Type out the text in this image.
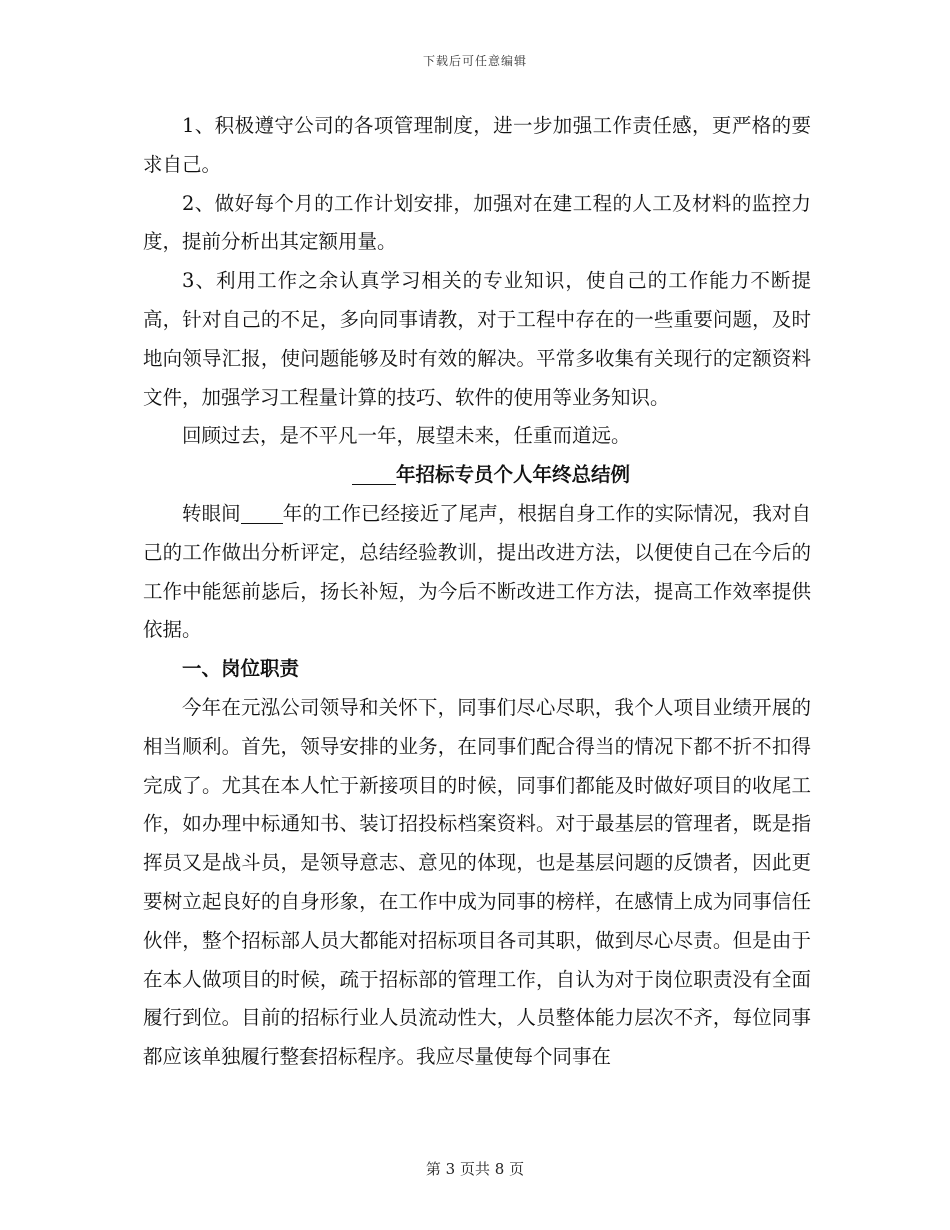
下载后可任意编辑

1、积极遵守公司的各项管理制度，进一步加强工作责任感，更严格的要求自己。

2、做好每个月的工作计划安排，加强对在建工程的人工及材料的监控力度，提前分析出其定额用量。

3、利用工作之余认真学习相关的专业知识，使自己的工作能力不断提高，针对自己的不足，多向同事请教，对于工程中存在的一些重要问题，及时地向领导汇报，使问题能够及时有效的解决。平常多收集有关现行的定额资料文件，加强学习工程量计算的技巧、软件的使用等业务知识。

回顾过去，是不平凡一年，展望未来，任重而道远。

年招标专员个人年终总结例

转眼间 年的工作已经接近了尾声，根据自身工作的实际情况，我对自己的工作做出分析评定，总结经验教训，提出改进方法，以便使自己在今后的工作中能惩前毖后，扬长补短，为今后不断改进工作方法，提高工作效率提供依据。

一、岗位职责

今年在元泓公司领导和关怀下，同事们尽心尽职，我个人项目业绩开展的相当顺利。首先，领导安排的业务，在同事们配合得当的情况下都不折不扣得完成了。尤其在本人忙于新接项目的时候，同事们都能及时做好项目的收尾工作，如办理中标通知书、装订招投标档案资料。对于最基层的管理者，既是指挥员又是战斗员，是领导意志、意见的体现，也是基层问题的反馈者，因此更要树立起良好的自身形象，在工作中成为同事的榜样，在感情上成为同事信任伙伴，整个招标部人员大都能对招标项目各司其职，做到尽心尽责。但是由于在本人做项目的时候，疏于招标部的管理工作，自认为对于岗位职责没有全面履行到位。目前的招标行业人员流动性大，人员整体能力层次不齐，每位同事都应该单独履行整套招标程序。我应尽量使每个同事在

第 3 页共 8 页
